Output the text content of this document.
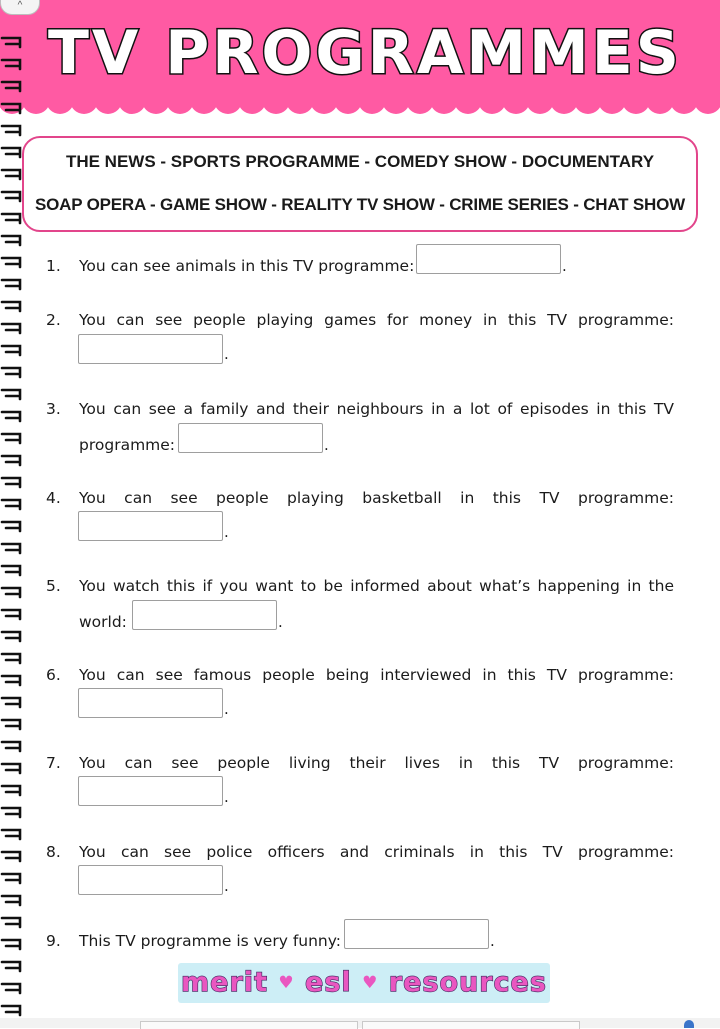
TV PROGRAMMES
^
THE NEWS - SPORTS PROGRAMME - COMEDY SHOW - DOCUMENTARY
SOAP OPERA - GAME SHOW - REALITY TV SHOW - CRIME SERIES - CHAT SHOW
1. You can see animals in this TV programme:	.
2. You can see people playing games for money in this TV programme:
.
3. You can see a family and their neighbours in a lot of episodes in this TV
programme:	.
4. You can see people playing basketball in this TV programme:
.
5. You watch this if you want to be informed about what’s happening in the
world:	.
6. You can see famous people being interviewed in this TV programme:
.
7. You can see people living their lives in this TV programme:
.
8. You can see police officers and criminals in this TV programme:
.
9. This TV programme is very funny:	.
merit ♥ esl ♥ resources
